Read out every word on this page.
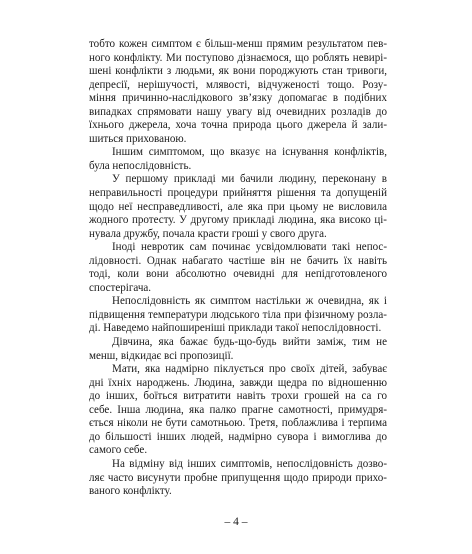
тобто кожен симптом є більш-менш прямим результатом пев-
ного конфлікту. Ми поступово дізнаємося, що роблять невирі-
шені конфлікти з людьми, як вони породжують стан тривоги,
депресії, нерішучості, млявості, відчуженості тощо. Розу-
міння причинно-наслідкового зв’язку допомагає в подібних
випадках спрямовати нашу увагу від очевидних розладів до
їхнього джерела, хоча точна природа цього джерела й зали-
шиться прихованою.
Іншим симптомом, що вказує на існування конфліктів,
була непослідовність.
У першому прикладі ми бачили людину, переконану в
неправильності процедури прийняття рішення та допущеній
щодо неї несправедливості, але яка при цьому не висловила
жодного протесту. У другому прикладі людина, яка високо ці-
нувала дружбу, почала красти гроші у свого друга.
Іноді невротик сам починає усвідомлювати такі непос-
лідовності. Однак набагато частіше він не бачить їх навіть
тоді, коли вони абсолютно очевидні для непідготовленого
спостерігача.
Непослідовність як симптом настільки ж очевидна, як і
підвищення температури людського тіла при фізичному розла-
ді. Наведемо найпоширеніші приклади такої непослідовності.
Дівчина, яка бажає будь-що-будь вийти заміж, тим не
менш, відкидає всі пропозиції.
Мати, яка надмірно піклується про своїх дітей, забуває
дні їхніх народжень. Людина, завжди щедра по відношенню
до інших, боїться витратити навіть трохи грошей на са го
себе. Інша людина, яка палко прагне самотності, примудря-
ється ніколи не бути самотньою. Третя, поблажлива і терпима
до більшості інших людей, надмірно сувора і вимоглива до
самого себе.
На відміну від інших симптомів, непослідовність дозво-
ляє часто висунути пробне припущення щодо природи прихо-
ваного конфлікту.
– 4 –
